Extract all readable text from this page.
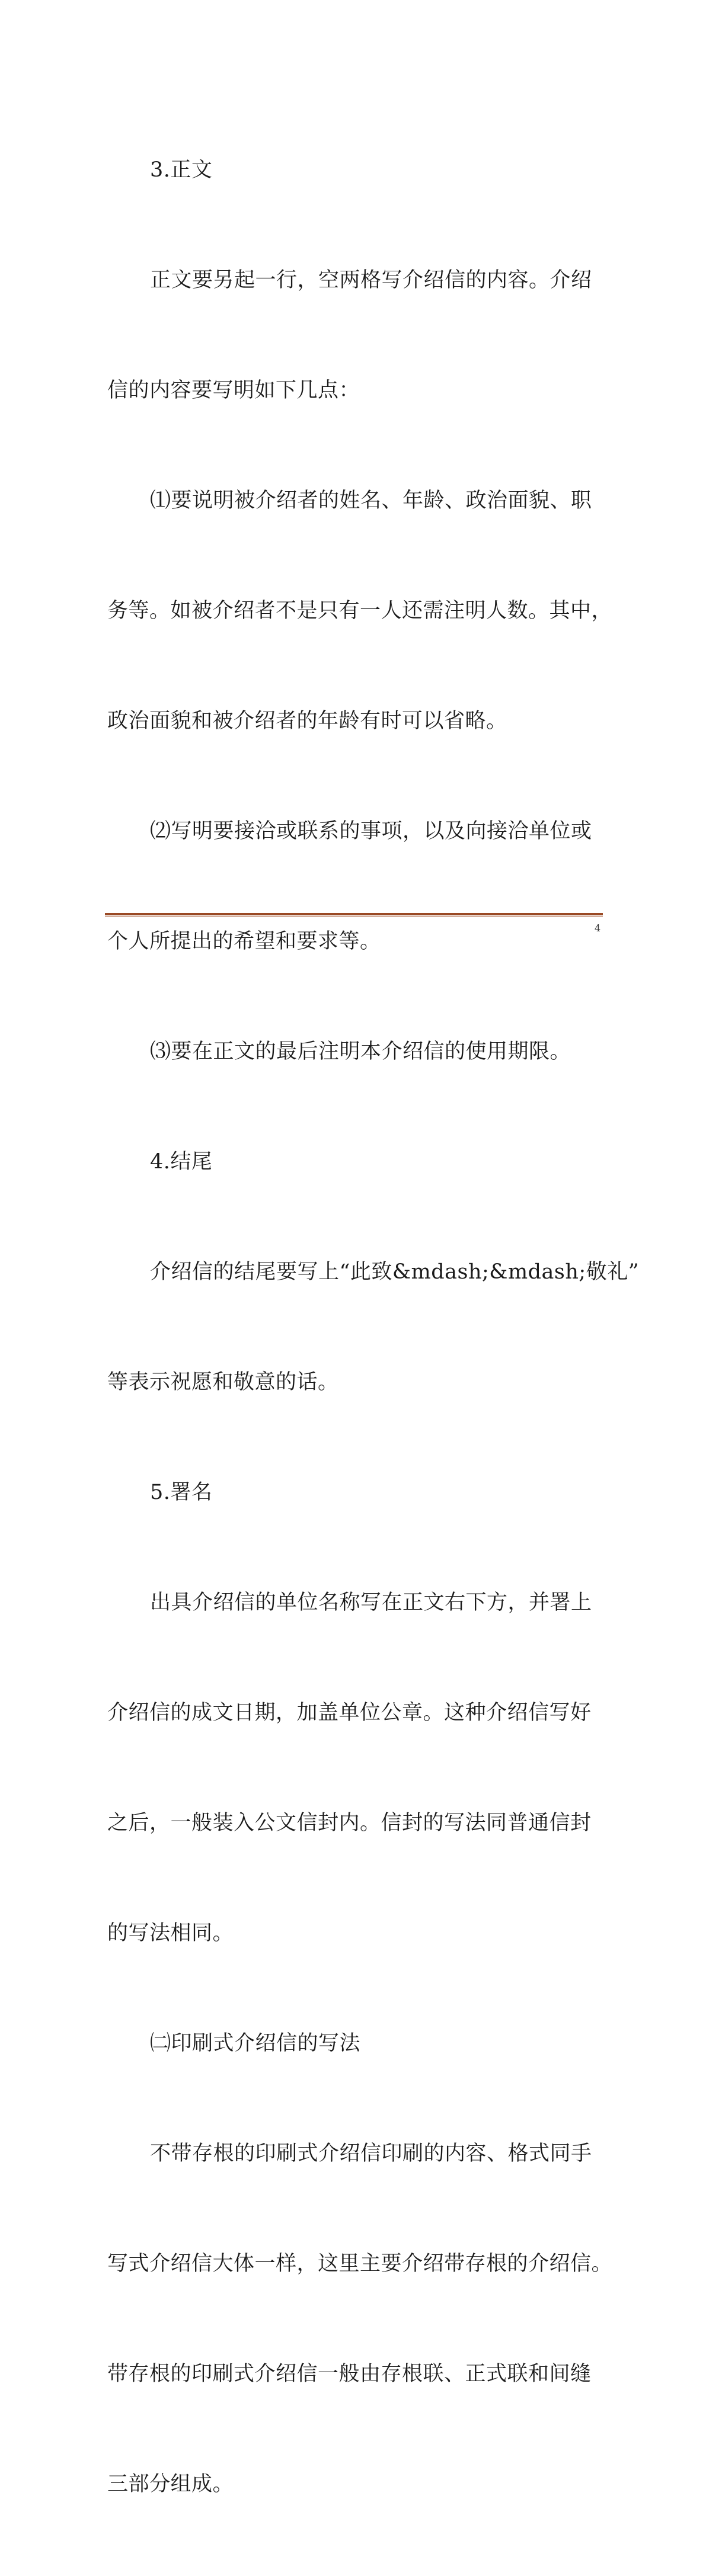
3.正文

正文要另起一行，空两格写介绍信的内容。介绍

信的内容要写明如下几点：

⑴要说明被介绍者的姓名、年龄、政治面貌、职

务等。如被介绍者不是只有一人还需注明人数。其中，

政治面貌和被介绍者的年龄有时可以省略。

⑵写明要接洽或联系的事项，以及向接洽单位或

个人所提出的希望和要求等。

⑶要在正文的最后注明本介绍信的使用期限。

4.结尾

介绍信的结尾要写上“此致&mdash;&mdash;敬礼”

等表示祝愿和敬意的话。

5.署名

出具介绍信的单位名称写在正文右下方，并署上

介绍信的成文日期，加盖单位公章。这种介绍信写好

之后，一般装入公文信封内。信封的写法同普通信封

的写法相同。

㈡印刷式介绍信的写法

不带存根的印刷式介绍信印刷的内容、格式同手

写式介绍信大体一样，这里主要介绍带存根的介绍信。

带存根的印刷式介绍信一般由存根联、正式联和间缝

三部分组成。

4
